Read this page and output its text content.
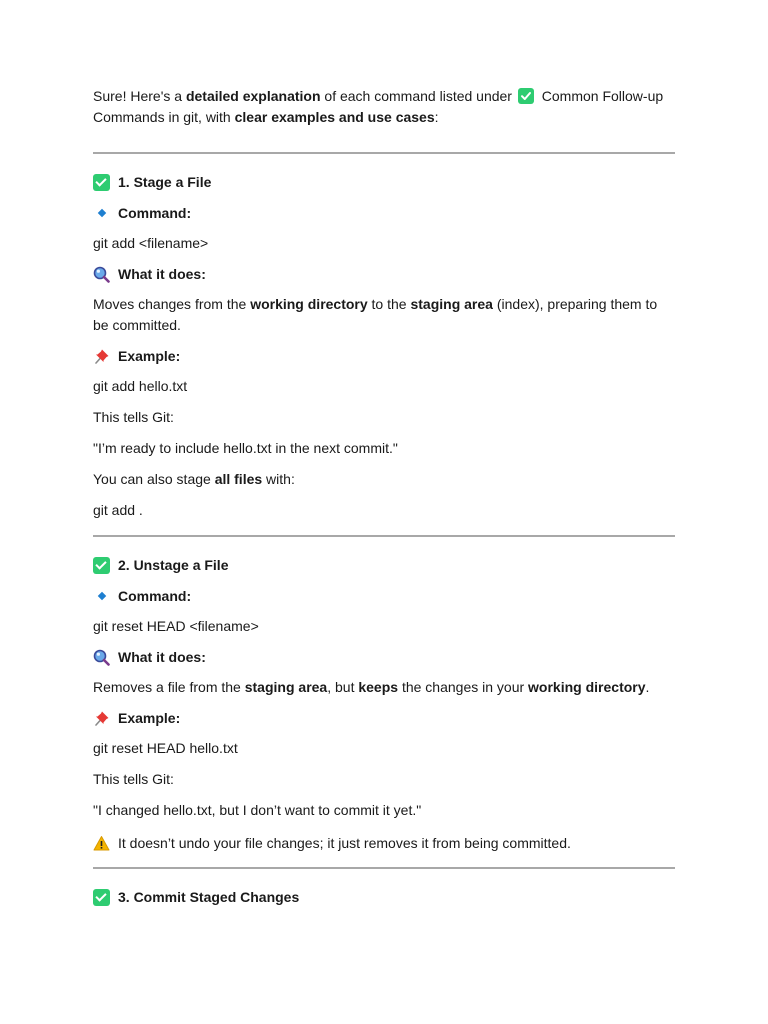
Sure! Here's a detailed explanation of each command listed under  Common Follow-up Commands in git, with clear examples and use cases:

1. Stage a File
Command:

git add <filename>

What it does:

Moves changes from the working directory to the staging area (index), preparing them to be committed.

Example:

git add hello.txt

This tells Git:

"I’m ready to include hello.txt in the next commit."

You can also stage all files with:

git add .

2. Unstage a File
Command:

git reset HEAD <filename>

What it does:

Removes a file from the staging area, but keeps the changes in your working directory.

Example:

git reset HEAD hello.txt

This tells Git:

"I changed hello.txt, but I don’t want to commit it yet."

It doesn’t undo your file changes; it just removes it from being committed.
3. Commit Staged Changes
